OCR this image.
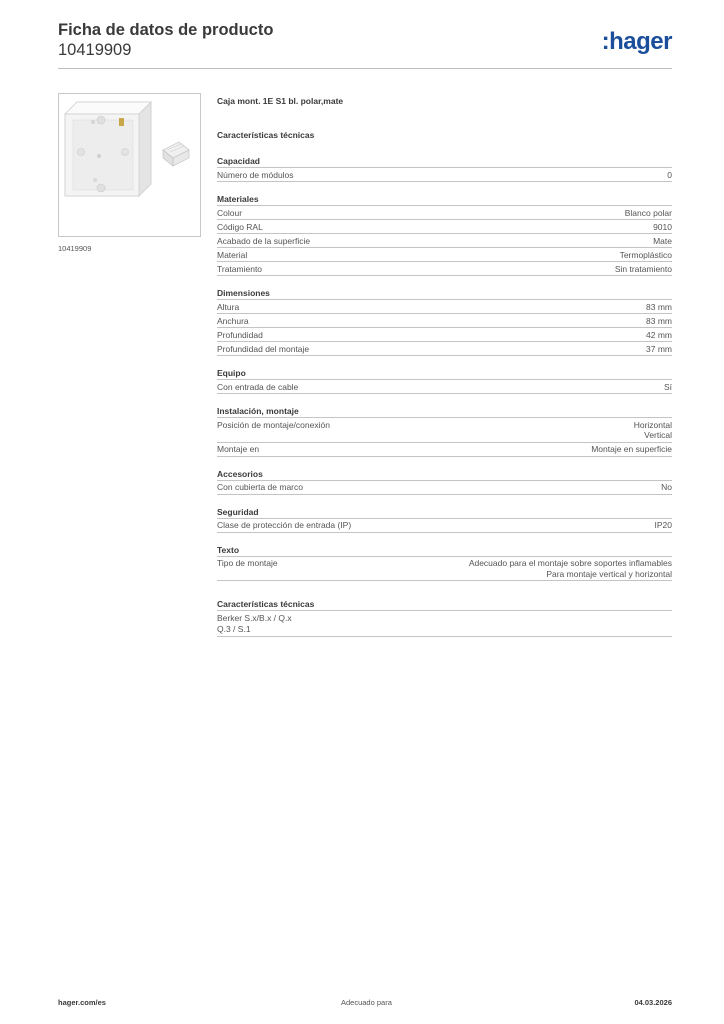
Ficha de datos de producto
10419909	:hager
10419909
Caja mont. 1E S1 bl. polar,mate
Características técnicas
Capacidad
Número de módulos	0
Materiales
Colour	Blanco polar
Código RAL	9010
Acabado de la superficie	Mate
Material	Termoplástico
Tratamiento	Sin tratamiento
Dimensiones
Altura	83 mm
Anchura	83 mm
Profundidad	42 mm
Profundidad del montaje	37 mm
Equipo
Con entrada de cable	Sí
Instalación, montaje
Posición de montaje/conexión	Horizontal
Vertical
Montaje en	Montaje en superficie
Accesorios
Con cubierta de marco	No
Seguridad
Clase de protección de entrada (IP)	IP20
Texto
Tipo de montaje	Adecuado para el montaje sobre soportes inflamables
Para montaje vertical y horizontal
Características técnicas
Berker S.x/B.x / Q.x
Q.3 / S.1
hager.com/es	Adecuado para	04.03.2026
